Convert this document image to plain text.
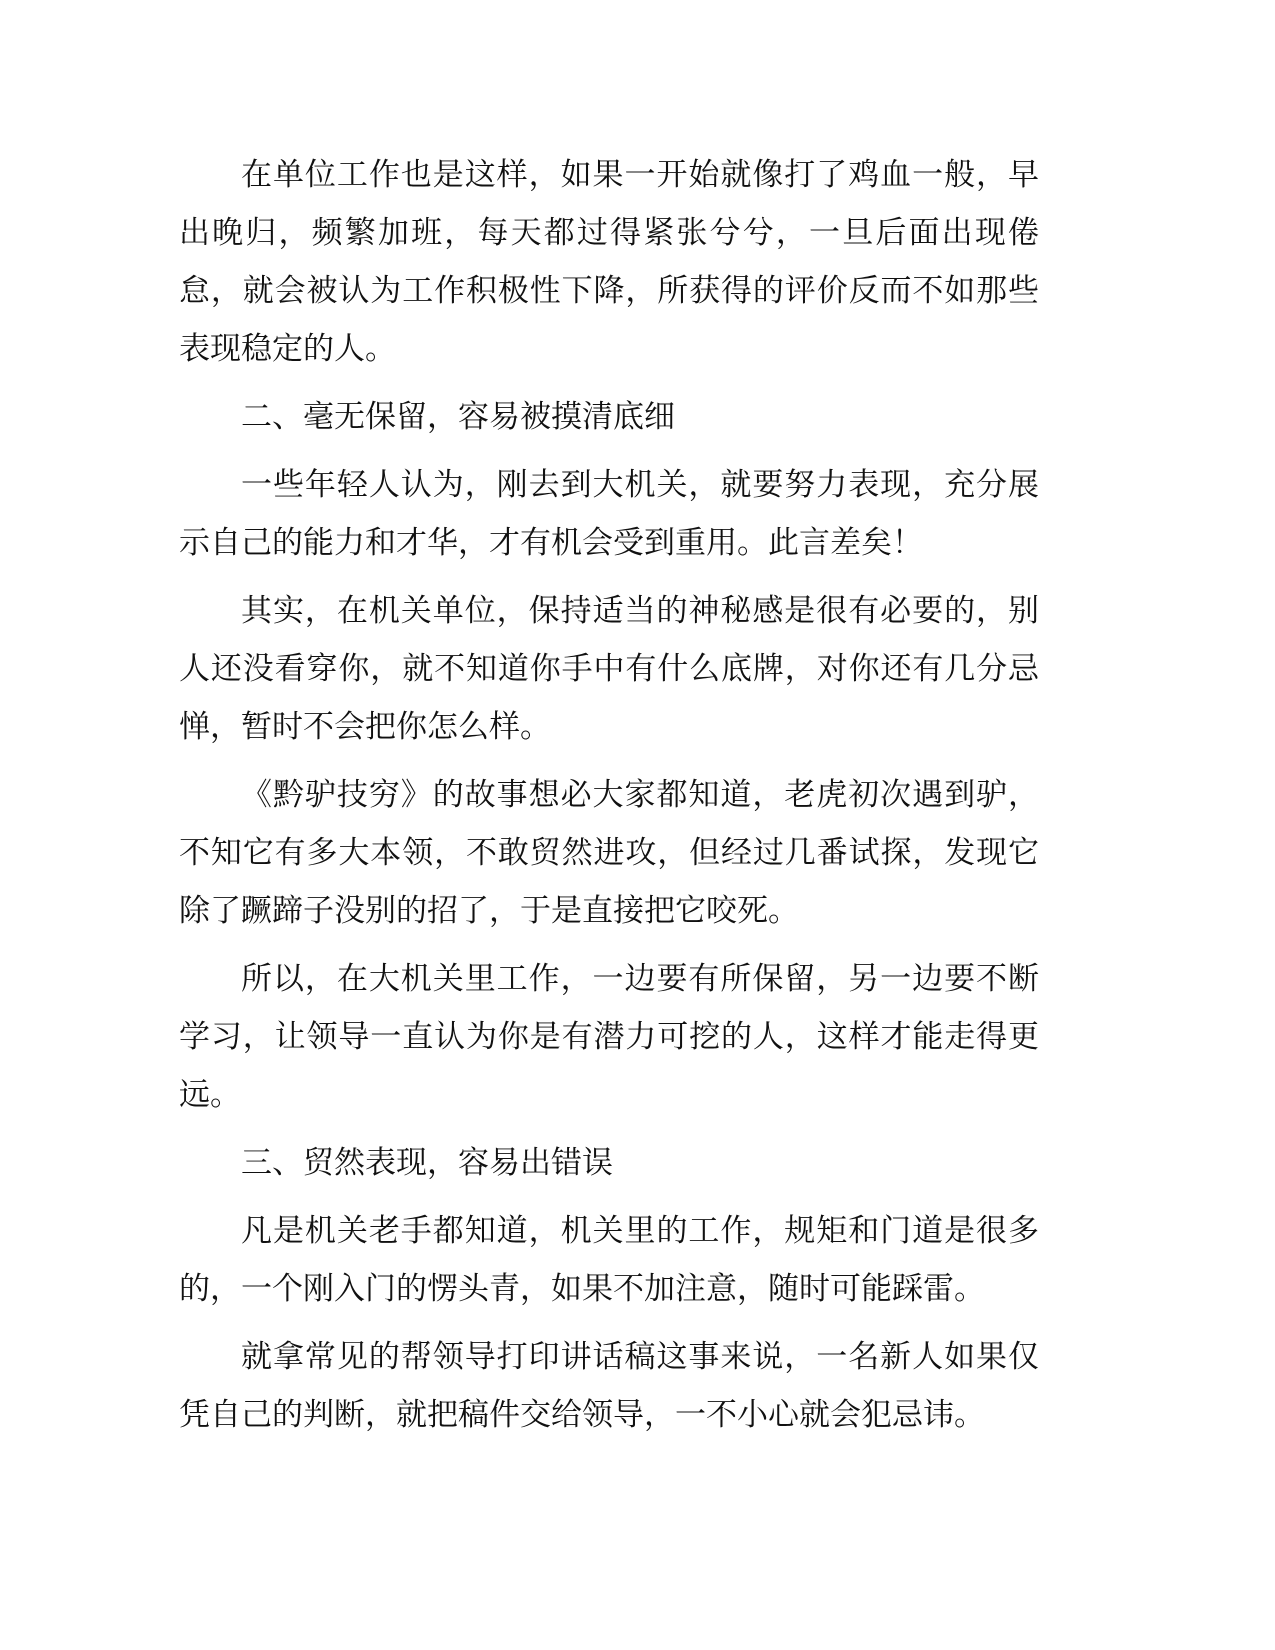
在单位工作也是这样，如果一开始就像打了鸡血一般，早出晚归，频繁加班，每天都过得紧张兮兮，一旦后面出现倦怠，就会被认为工作积极性下降，所获得的评价反而不如那些表现稳定的人。

二、毫无保留，容易被摸清底细

一些年轻人认为，刚去到大机关，就要努力表现，充分展示自己的能力和才华，才有机会受到重用。此言差矣！

其实，在机关单位，保持适当的神秘感是很有必要的，别人还没看穿你，就不知道你手中有什么底牌，对你还有几分忌惮，暂时不会把你怎么样。

《黔驴技穷》的故事想必大家都知道，老虎初次遇到驴，不知它有多大本领，不敢贸然进攻，但经过几番试探，发现它除了蹶蹄子没别的招了，于是直接把它咬死。

所以，在大机关里工作，一边要有所保留，另一边要不断学习，让领导一直认为你是有潜力可挖的人，这样才能走得更远。

三、贸然表现，容易出错误

凡是机关老手都知道，机关里的工作，规矩和门道是很多的，一个刚入门的愣头青，如果不加注意，随时可能踩雷。

就拿常见的帮领导打印讲话稿这事来说，一名新人如果仅凭自己的判断，就把稿件交给领导，一不小心就会犯忌讳。
